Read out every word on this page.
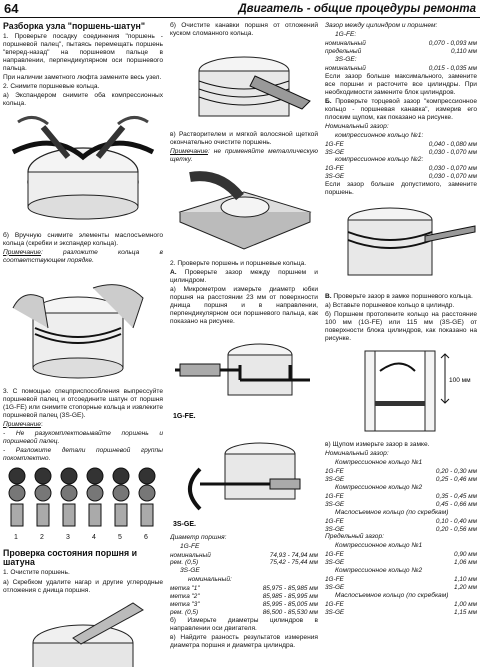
64	Двигатель - общие процедуры ремонта
Разборка узла "поршень-шатун"
1. Проверьте посадку соединения "поршень - поршневой палец", пытаясь перемещать поршень "вперед-назад" на поршневом пальце в направлении, перпендикулярном оси поршневого пальца.
При наличии заметного люфта замените весь узел.
2. Снимите поршневые кольца.
а) Экспандером снимите оба компрессионных кольца.
б) Вручную снимите элементы маслосъемного кольца (скребки и экспандер кольца).
Примечание: разложите кольца в соответствующем порядке.
3. С помощью спецприспособления выпрессуйте поршневой палец и отсоедините шатун от поршня (1G-FE) или снимите стопорные кольца и извлеките поршневой палец (3S-GE).
Примечание:
- Не разукомплектовывайте поршень и поршневой палец.
- Разложите детали поршневой группы покомплектно.
1	2	3	4	5	6
Проверка состояния поршня и шатуна
1. Очистите поршень.
а) Скребком удалите нагар и другие углеродные отложения с днища поршня.
б) Очистите канавки поршня от отложений куском сломанного кольца.
в) Растворителем и мягкой волосяной щеткой окончательно очистите поршень.
Примечание: не применяйте металлическую щетку.
2. Проверьте поршень и поршневые кольца.
А. Проверьте зазор между поршнем и цилиндром.
а) Микрометром измерьте диаметр юбки поршня на расстоянии 23 мм от поверхности днища поршня и в направлении, перпендикулярном оси поршневого пальца, как показано на рисунке.
1G-FE.

3S-GE.
Диаметр поршня:
1G-FE
номинальный	74,93 - 74,94 мм
рем. (0,5)	75,42 - 75,44 мм
3S-GE
номинальный:
метка "1"	85,975 - 85,985 мм
метка "2"	85,985 - 85,995 мм
метка "3"	85,995 - 85,005 мм
рем. (0,5)	86,500 - 85,530 мм
б) Измерьте диаметры цилиндров в направлении оси двигателя.
в) Найдите разность результатов измерения диаметра поршня и диаметра цилиндра.
Зазор между цилиндром и поршнем:
1G-FE:
номинальный	0,070 - 0,093 мм
предельный	0,110 мм
3S-GE:
номинальный	0,015 - 0,035 мм
Если зазор больше максимального, замените все поршни и расточите все цилиндры. При необходимости замените блок цилиндров.
Б. Проверьте торцевой зазор "компрессионное кольцо - поршневая канавка", измерив его плоским щупом, как показано на рисунке.
Номинальный зазор:
компрессионное кольцо №1:
1G-FE	0,040 - 0,080 мм
3S-GE	0,030 - 0,070 мм
компрессионное кольцо №2:
1G-FE	0,030 - 0,070 мм
3S-GE	0,030 - 0,070 мм
Если зазор больше допустимого, замените поршень.
В. Проверьте зазор в замке поршневого кольца.
а) Вставьте поршневое кольцо в цилиндр.
б) Поршнем протолкните кольцо на расстояние 100 мм (1G-FE) или 115 мм (3S-GE) от поверхности блока цилиндров, как показано на рисунке.
100 мм
в) Щупом измерьте зазор в замке.
Номинальный зазор:
Компрессионное кольцо №1
1G-FE	0,20 - 0,30 мм
3S-GE	0,25 - 0,46 мм
Компрессионное кольцо №2
1G-FE	0,35 - 0,45 мм
3S-GE	0,45 - 0,66 мм
Маслосъемное кольцо (по скребкам)
1G-FE	0,10 - 0,40 мм
3S-GE	0,20 - 0,56 мм
Предельный зазор:
Компрессионное кольцо №1
1G-FE	0,90 мм
3S-GE	1,06 мм
Компрессионное кольцо №2
1G-FE	1,10 мм
3S-GE	1,20 мм
Маслосъемное кольцо (по скребкам)
1G-FE	1,00 мм
3S-GE	1,15 мм
